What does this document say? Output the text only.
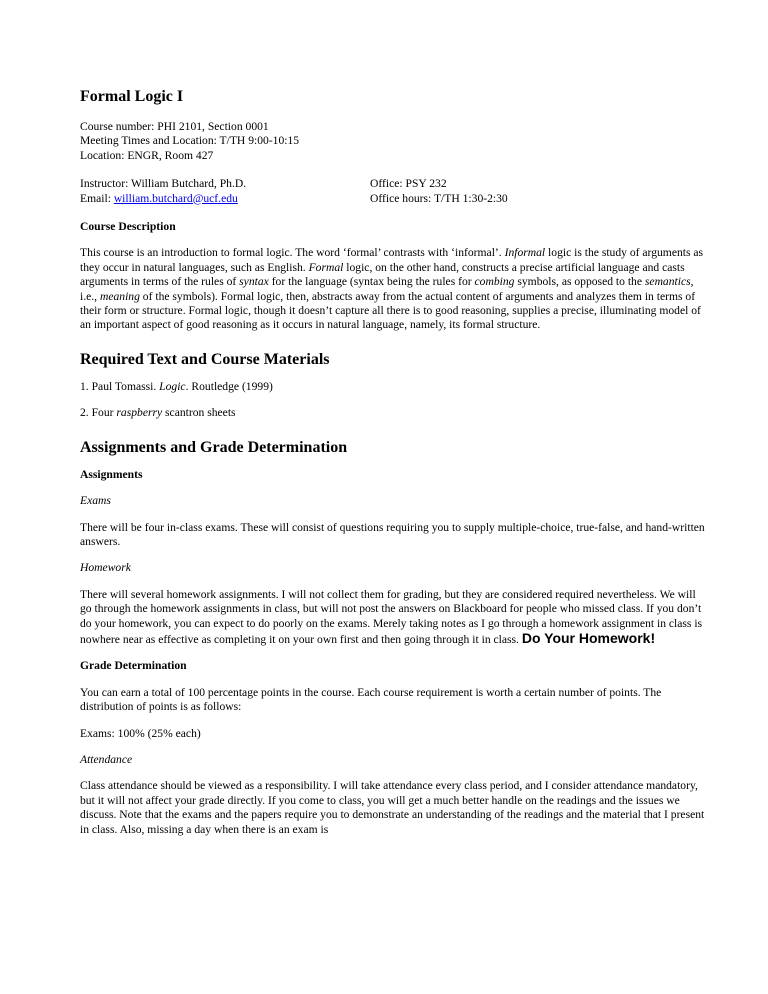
Formal Logic I
Course number: PHI 2101, Section 0001
Meeting Times and Location: T/TH 9:00-10:15
Location: ENGR, Room 427
Instructor: William Butchard, Ph.D.
Email: william.butchard@ucf.edu
Office: PSY 232
Office hours: T/TH 1:30-2:30
Course Description

This course is an introduction to formal logic. The word ‘formal’ contrasts with ‘informal’. Informal logic is the study of arguments as they occur in natural languages, such as English. Formal logic, on the other hand, constructs a precise artificial language and casts arguments in terms of the rules of syntax for the language (syntax being the rules for combing symbols, as opposed to the semantics, i.e., meaning of the symbols). Formal logic, then, abstracts away from the actual content of arguments and analyzes them in terms of their form or structure. Formal logic, though it doesn’t capture all there is to good reasoning, supplies a precise, illuminating model of an important aspect of good reasoning as it occurs in natural language, namely, its formal structure.

Required Text and Course Materials

1. Paul Tomassi. Logic. Routledge (1999)

2. Four raspberry scantron sheets

Assignments and Grade Determination
Assignments

Exams

There will be four in-class exams. These will consist of questions requiring you to supply multiple-choice, true-false, and hand-written answers.

Homework

There will several homework assignments. I will not collect them for grading, but they are considered required nevertheless. We will go through the homework assignments in class, but will not post the answers on Blackboard for people who missed class. If you don’t do your homework, you can expect to do poorly on the exams. Merely taking notes as I go through a homework assignment in class is nowhere near as effective as completing it on your own first and then going through it in class. Do Your Homework!

Grade Determination

You can earn a total of 100 percentage points in the course. Each course requirement is worth a certain number of points. The distribution of points is as follows:

Exams: 100% (25% each)

Attendance

Class attendance should be viewed as a responsibility. I will take attendance every class period, and I consider attendance mandatory, but it will not affect your grade directly. If you come to class, you will get a much better handle on the readings and the issues we discuss. Note that the exams and the papers require you to demonstrate an understanding of the readings and the material that I present in class. Also, missing a day when there is an exam is
